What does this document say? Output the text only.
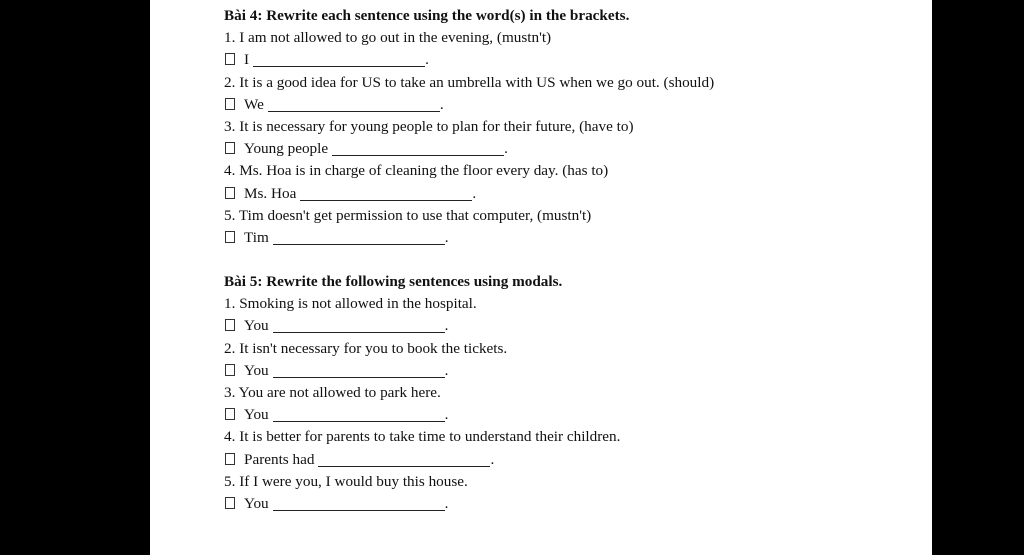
Bài 4: Rewrite each sentence using the word(s) in the brackets.
1. I am not allowed to go out in the evening, (mustn't)
I	.
2. It is a good idea for US to take an umbrella with US when we go out. (should)
We	.
3. It is necessary for young people to plan for their future, (have to)
Young people	.
4. Ms. Hoa is in charge of cleaning the floor every day. (has to)
Ms. Hoa	.
5. Tim doesn't get permission to use that computer, (mustn't)
Tim	.
Bài 5: Rewrite the following sentences using modals.
1. Smoking is not allowed in the hospital.
You	.
2. It isn't necessary for you to book the tickets.
You	.
3. You are not allowed to park here.
You	.
4. It is better for parents to take time to understand their children.
Parents had	.
5. If I were you, I would buy this house.
You	.
